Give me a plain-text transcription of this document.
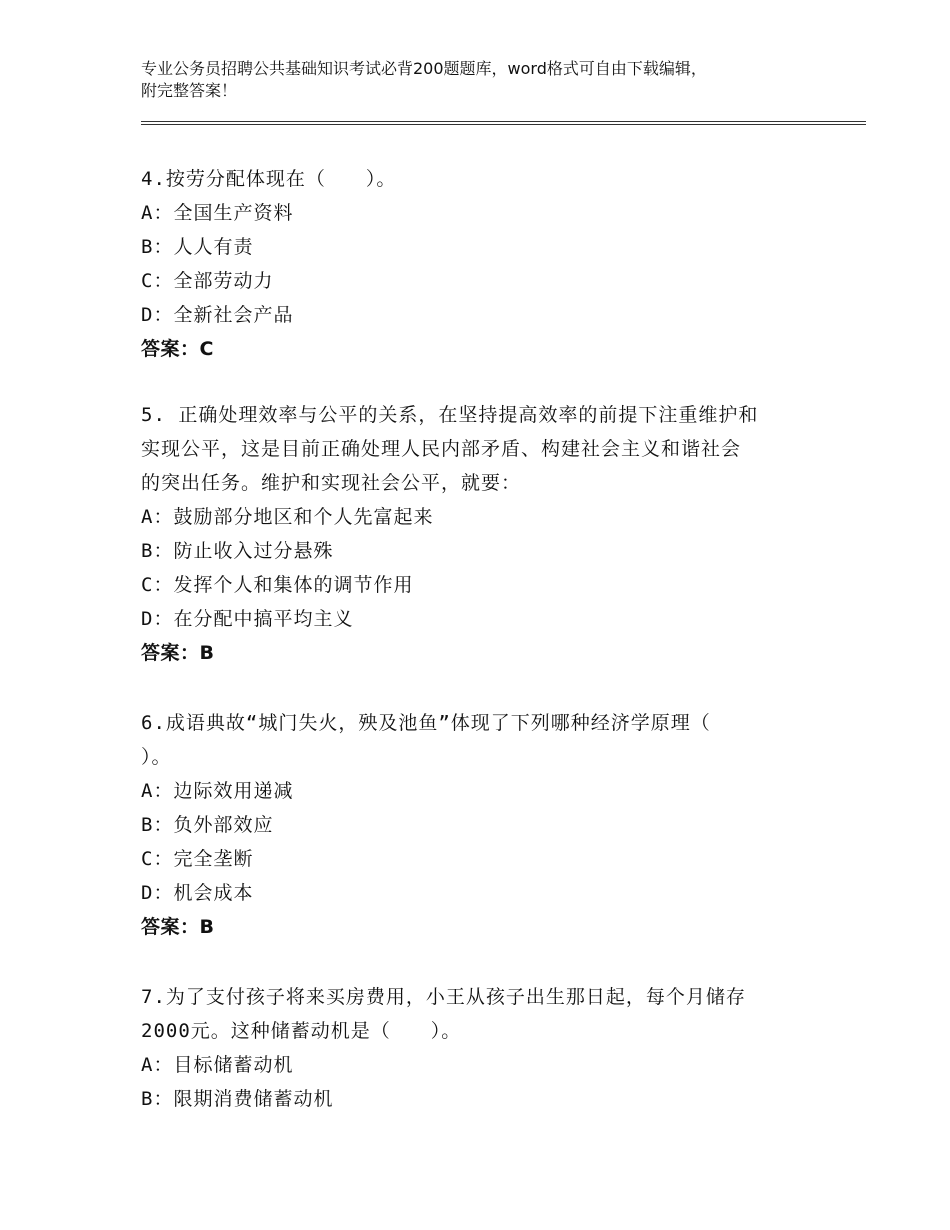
专业公务员招聘公共基础知识考试必背200题题库，word格式可自由下载编辑，
附完整答案！
4.按劳分配体现在（　　）。
A：全国生产资料
B：人人有责
C：全部劳动力
D：全新社会产品
答案：C
5. 正确处理效率与公平的关系，在坚持提高效率的前提下注重维护和
实现公平，这是目前正确处理人民内部矛盾、构建社会主义和谐社会
的突出任务。维护和实现社会公平，就要：
A：鼓励部分地区和个人先富起来
B：防止收入过分悬殊
C：发挥个人和集体的调节作用
D：在分配中搞平均主义
答案：B
6.成语典故“城门失火，殃及池鱼”体现了下列哪种经济学原理（
）。
A：边际效用递减
B：负外部效应
C：完全垄断
D：机会成本
答案：B
7.为了支付孩子将来买房费用，小王从孩子出生那日起，每个月储存
2000元。这种储蓄动机是（　　）。
A：目标储蓄动机
B：限期消费储蓄动机
